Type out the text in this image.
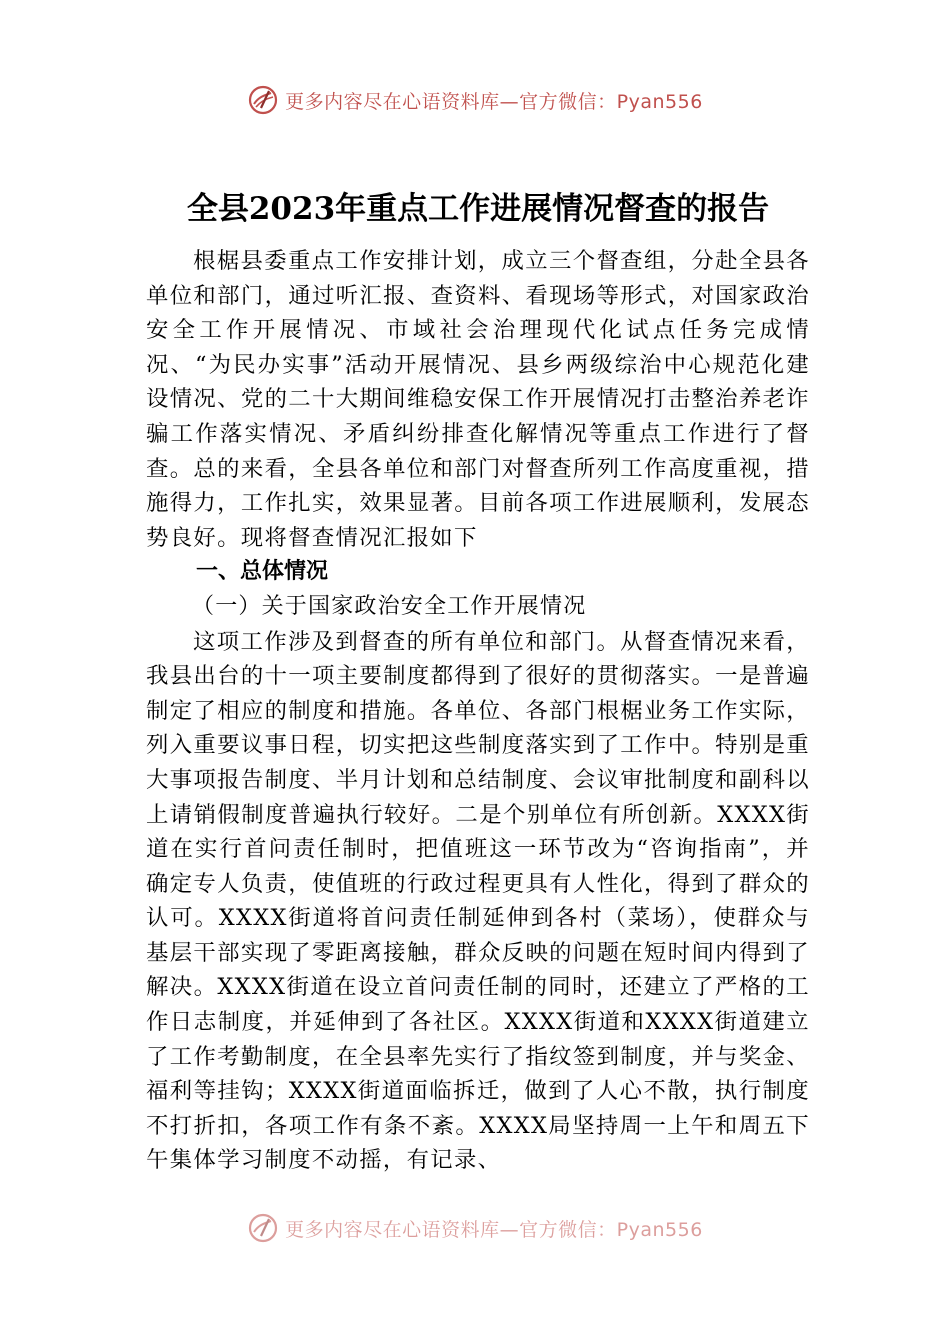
更多内容尽在心语资料库—官方微信：Pyan556
全县2023年重点工作进展情况督查的报告

根椐县委重点工作安排计划，成立三个督查组，分赴全县各单位和部门，通过听汇报、查资料、看现场等形式，对国家政治安全工作开展情况、市域社会治理现代化试点任务完成情况、“为民办实事”活动开展情况、县乡两级综治中心规范化建设情况、党的二十大期间维稳安保工作开展情况打击整治养老诈骗工作落实情况、矛盾纠纷排查化解情况等重点工作进行了督查。总的来看，全县各单位和部门对督查所列工作高度重视，措施得力，工作扎实，效果显著。目前各项工作进展顺利，发展态势良好。现将督查情况汇报如下

一、总体情况

（一）关于国家政治安全工作开展情况

这项工作涉及到督查的所有单位和部门。从督查情况来看，我县出台的十一项主要制度都得到了很好的贯彻落实。一是普遍制定了相应的制度和措施。各单位、各部门根椐业务工作实际，列入重要议事日程，切实把这些制度落实到了工作中。特别是重大事项报告制度、半月计划和总结制度、会议审批制度和副科以上请销假制度普遍执行较好。二是个别单位有所创新。XXXX街道在实行首问责任制时，把值班这一环节改为“咨询指南”，并确定专人负责，使值班的行政过程更具有人性化，得到了群众的认可。XXXX街道将首问责任制延伸到各村（菜场），使群众与基层干部实现了零距离接触，群众反映的问题在短时间内得到了解决。XXXX街道在设立首问责任制的同时，还建立了严格的工作日志制度，并延伸到了各社区。XXXX街道和XXXX街道建立了工作考勤制度，在全县率先实行了指纹签到制度，并与奖金、福利等挂钩；XXXX街道面临拆迁，做到了人心不散，执行制度不打折扣，各项工作有条不紊。XXXX局坚持周一上午和周五下午集体学习制度不动摇，有记录、

更多内容尽在心语资料库—官方微信：Pyan556
